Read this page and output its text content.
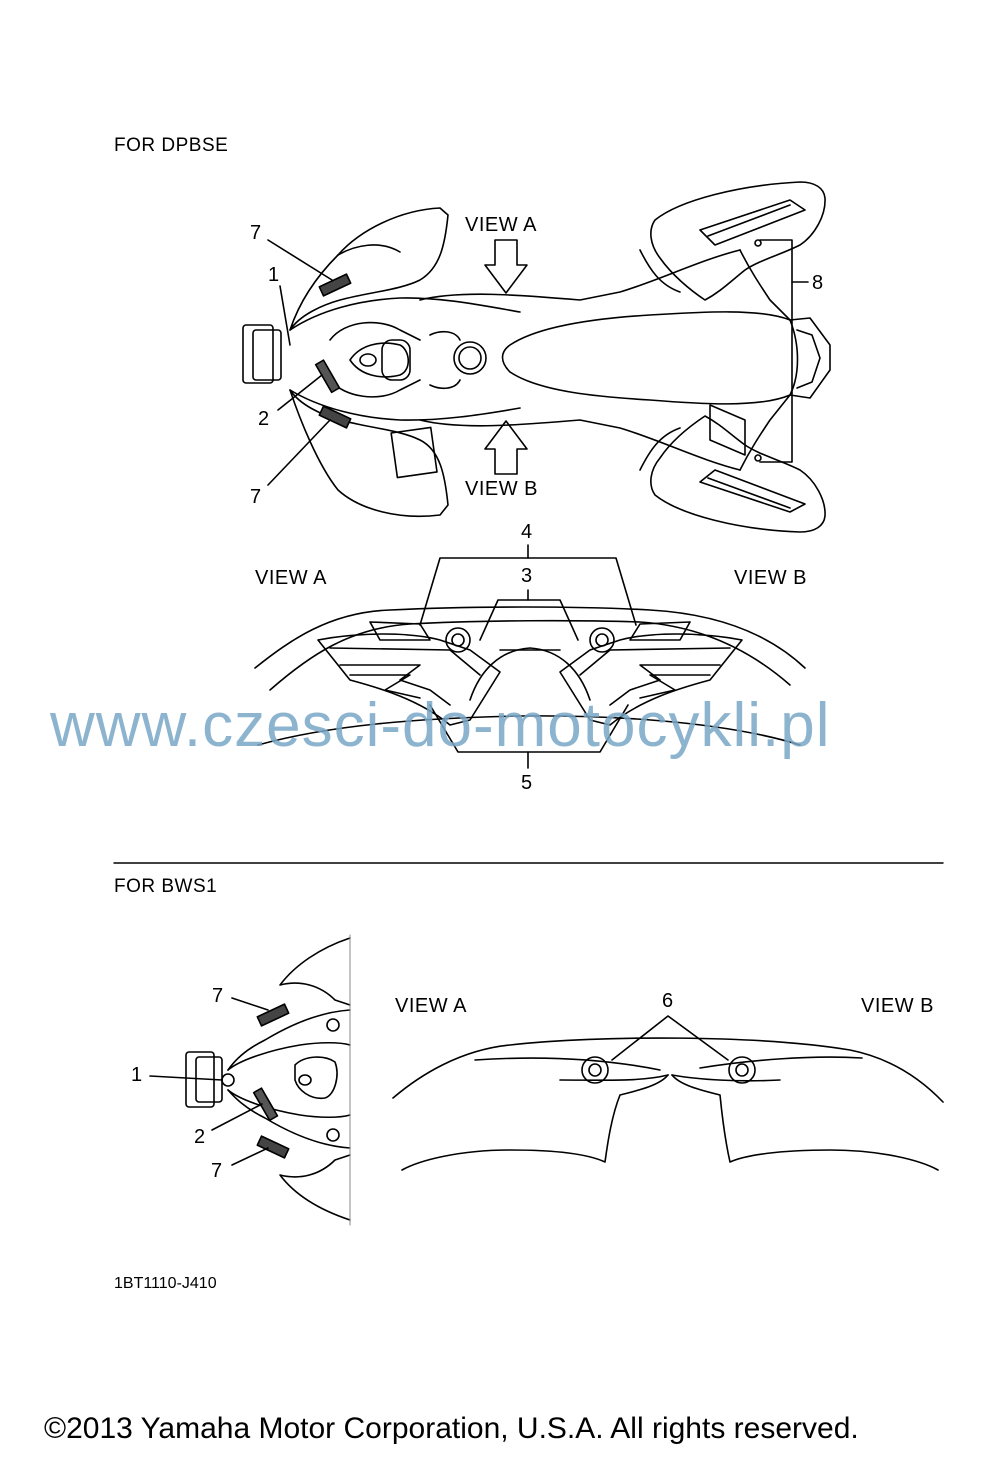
FOR DPBSE
VIEW A
VIEW B
7
1
2
7
8
VIEW A	VIEW B
4
3
5
www.czesci-do-motocykli.pl
FOR BWS1
7
1
2
7
VIEW A	VIEW B
6
1BT1110-J410
©2013 Yamaha Motor Corporation, U.S.A. All rights reserved.
